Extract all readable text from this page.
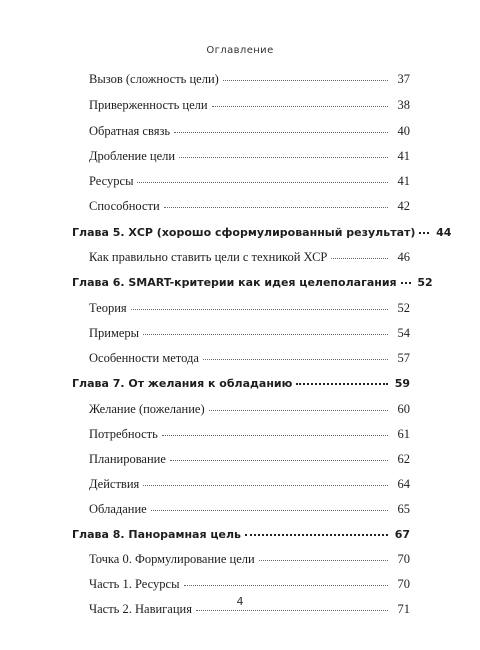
Оглавление
Вызов (сложность цели)	37
Приверженность цели	38
Обратная связь	40
Дробление цели	41
Ресурсы	41
Способности	42
Глава 5. ХСР (хорошо сформулированный результат) 44
Как правильно ставить цели с техникой ХСР	46
Глава 6. SMART-критерии как идея целеполагания 52
Теория	52
Примеры	54
Особенности метода	57
Глава 7. От желания к обладанию	59
Желание (пожелание)	60
Потребность	61
Планирование	62
Действия	64
Обладание	65
Глава 8. Панорамная цель	67
Точка 0. Формулирование цели	70
Часть 1. Ресурсы	70
Часть 2. Навигация	71
4
